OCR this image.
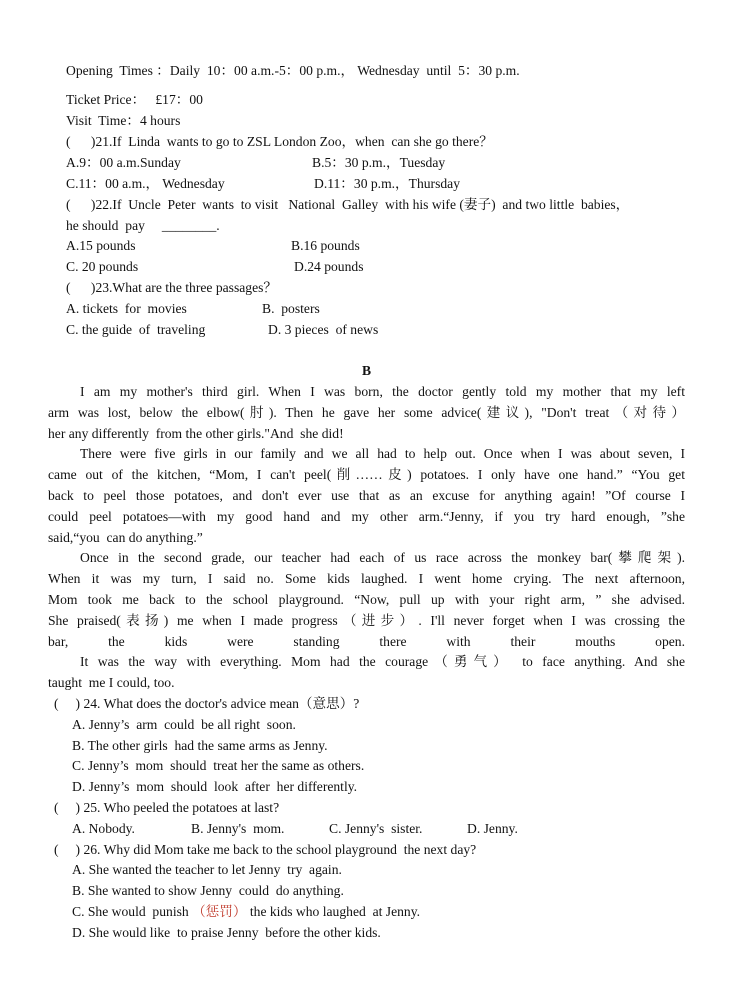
Opening  Times ：Daily  10：00 a.m.-5：00 p.m.， Wednesday  until  5：30 p.m.
Ticket Price：   £17：00
Visit  Time：4 hours
(      )21.If  Linda  wants to go to ZSL London Zoo，when  can she go there？
A.9：00 a.m.Sunday	B.5：30 p.m.，Tuesday
C.11：00 a.m.， Wednesday	D.11：30 p.m.，Thursday
(      )22.If  Uncle  Peter  wants  to visit   National  Galley  with his wife (妻子)  and two little  babies，
he should  pay     ________.
A.15 pounds	B.16 pounds
C. 20 pounds	D.24 pounds
(      )23.What are the three passages？
A. tickets  for  movies	B.  posters
C. the guide  of  traveling	D. 3 pieces  of news
B
I am my mother's third girl. When I was born, the doctor gently told my mother that my left
arm was lost, below the elbow(肘). Then he gave her some advice(建议), "Don't treat（对待）
her any differently  from the other girls."And  she did!
There were five girls in our family and we all had to help out. Once when I was about seven, I
came out of the kitchen, “Mom, I can't peel(削……皮) potatoes. I only have one hand.” “You get
back to peel those potatoes, and don't ever use that as an excuse for anything again! ”Of course I
could peel potatoes—with my good hand and my other arm.“Jenny, if you try hard enough, ”she
said,“you  can do anything.”
Once in the second grade, our teacher had each of us race across the monkey bar(攀爬架).
When it was my turn, I said no. Some kids laughed. I went home crying. The next afternoon,
Mom took me back to the school playground. “Now, pull up with your right arm, ” she advised.
She praised(表扬) me when I made progress（进步）. I'll never forget when I was crossing the
bar, the kids were standing there with their mouths open.
It was the way with everything. Mom had the courage（勇气） to face anything. And she
taught  me I could, too.
(     ) 24. What does the doctor's advice mean（意思）?
A. Jenny’s  arm  could  be all right  soon.
B. The other girls  had the same arms as Jenny.
C. Jenny’s  mom  should  treat her the same as others.
D. Jenny’s  mom  should  look  after  her differently.
(     ) 25. Who peeled the potatoes at last?
A. Nobody.	B. Jenny's  mom.	C. Jenny's  sister.	D. Jenny.
(     ) 26. Why did Mom take me back to the school playground  the next day?
A. She wanted the teacher to let Jenny  try  again.
B. She wanted to show Jenny  could  do anything.
C. She would  punish （惩罚） the kids who laughed  at Jenny.
D. She would like  to praise Jenny  before the other kids.
